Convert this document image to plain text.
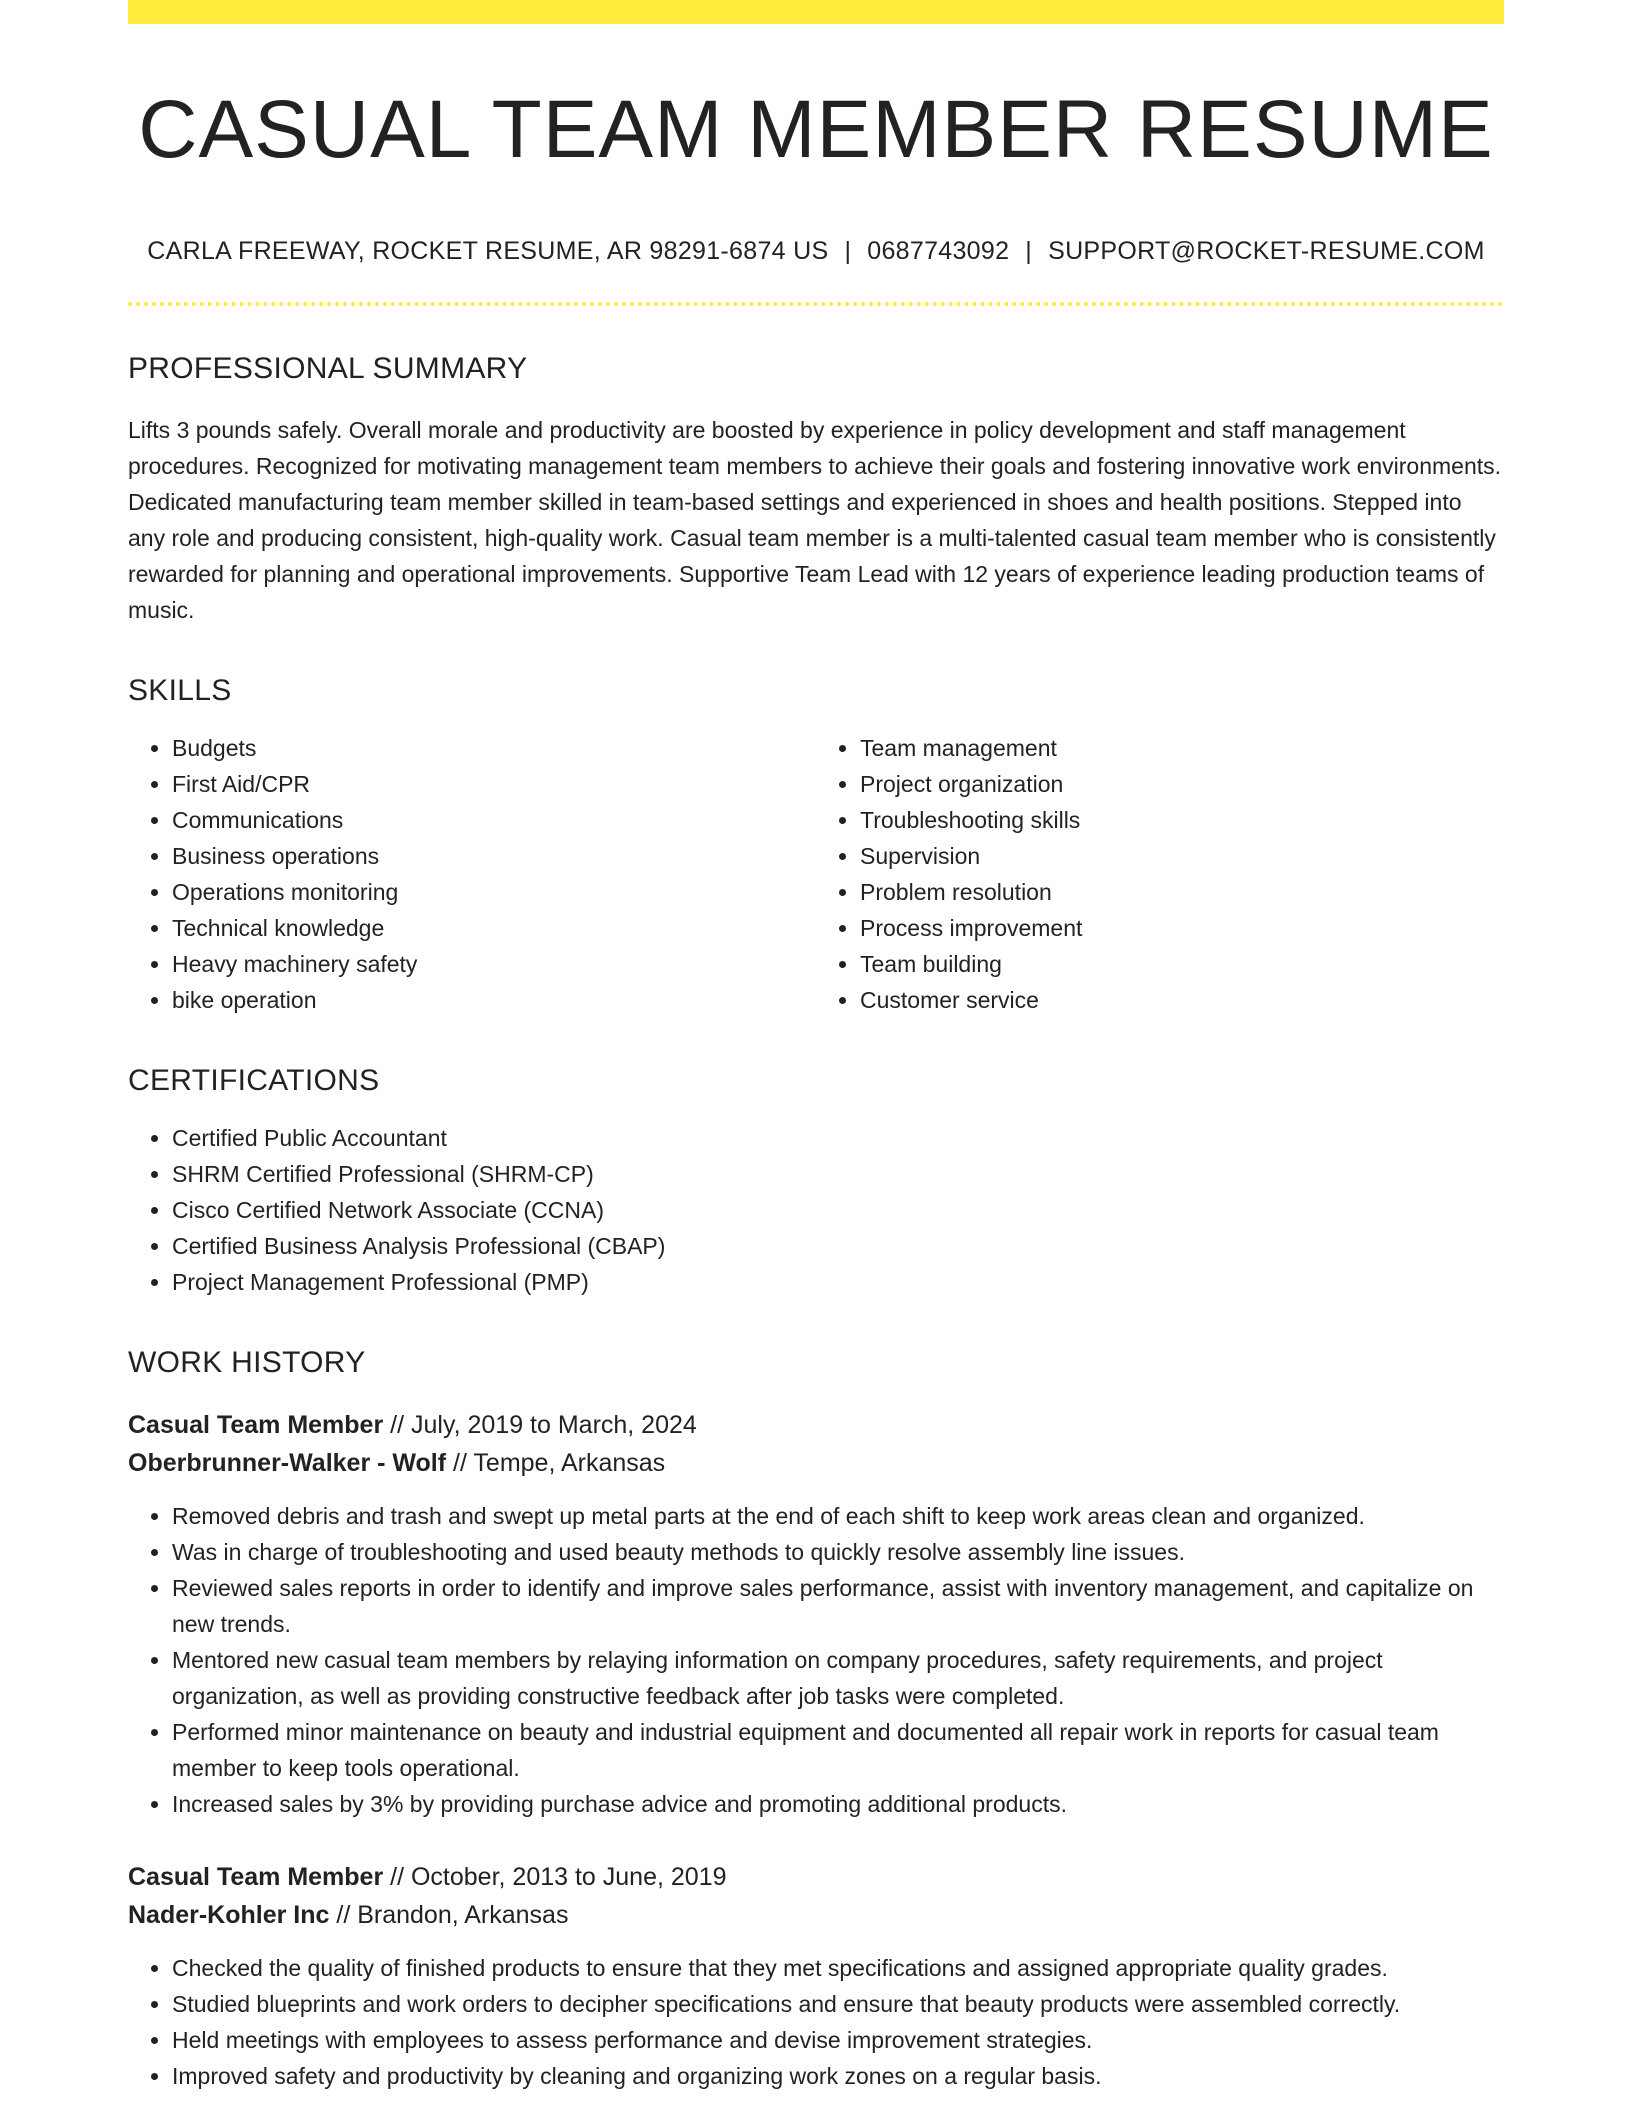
CASUAL TEAM MEMBER RESUME
CARLA FREEWAY, ROCKET RESUME, AR 98291-6874 US | 0687743092 | SUPPORT@ROCKET-RESUME.COM
PROFESSIONAL SUMMARY
Lifts 3 pounds safely. Overall morale and productivity are boosted by experience in policy development and staff management procedures. Recognized for motivating management team members to achieve their goals and fostering innovative work environments. Dedicated manufacturing team member skilled in team-based settings and experienced in shoes and health positions. Stepped into any role and producing consistent, high-quality work. Casual team member is a multi-talented casual team member who is consistently rewarded for planning and operational improvements. Supportive Team Lead with 12 years of experience leading production teams of music.
SKILLS
• Budgets
• First Aid/CPR
• Communications
• Business operations
• Operations monitoring
• Technical knowledge
• Heavy machinery safety
• bike operation
• Team management
• Project organization
• Troubleshooting skills
• Supervision
• Problem resolution
• Process improvement
• Team building
• Customer service
CERTIFICATIONS
• Certified Public Accountant
• SHRM Certified Professional (SHRM-CP)
• Cisco Certified Network Associate (CCNA)
• Certified Business Analysis Professional (CBAP)
• Project Management Professional (PMP)
WORK HISTORY
Casual Team Member // July, 2019 to March, 2024
Oberbrunner-Walker - Wolf // Tempe, Arkansas
• Removed debris and trash and swept up metal parts at the end of each shift to keep work areas clean and organized.
• Was in charge of troubleshooting and used beauty methods to quickly resolve assembly line issues.
• Reviewed sales reports in order to identify and improve sales performance, assist with inventory management, and capitalize on new trends.
• Mentored new casual team members by relaying information on company procedures, safety requirements, and project organization, as well as providing constructive feedback after job tasks were completed.
• Performed minor maintenance on beauty and industrial equipment and documented all repair work in reports for casual team member to keep tools operational.
• Increased sales by 3% by providing purchase advice and promoting additional products.
Casual Team Member // October, 2013 to June, 2019
Nader-Kohler Inc // Brandon, Arkansas
• Checked the quality of finished products to ensure that they met specifications and assigned appropriate quality grades.
• Studied blueprints and work orders to decipher specifications and ensure that beauty products were assembled correctly.
• Held meetings with employees to assess performance and devise improvement strategies.
• Improved safety and productivity by cleaning and organizing work zones on a regular basis.
